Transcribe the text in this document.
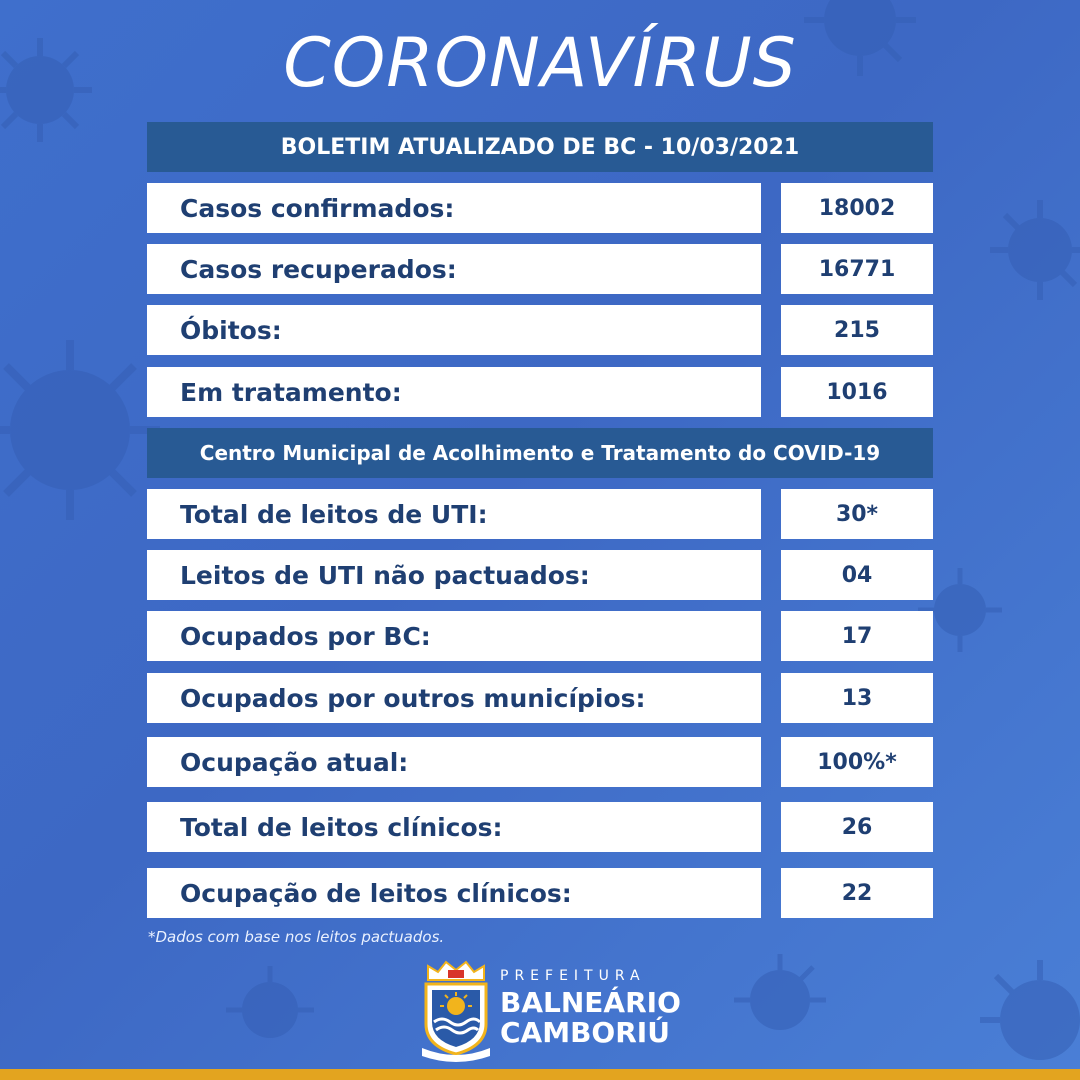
CORONAVÍRUS
BOLETIM ATUALIZADO DE BC - 10/03/2021
Casos confirmados:	18002
Casos recuperados:	16771
Óbitos:	215
Em tratamento:	1016
Centro Municipal de Acolhimento e Tratamento do COVID-19
Total de leitos de UTI:	30*
Leitos de UTI não pactuados:	04
Ocupados por BC:	17
Ocupados por outros municípios:	13
Ocupação atual:	100%*
Total de leitos clínicos:	26
Ocupação de leitos clínicos:	22
*Dados com base nos leitos pactuados.
PREFEITURA
BALNEÁRIO
CAMBORIÚ
